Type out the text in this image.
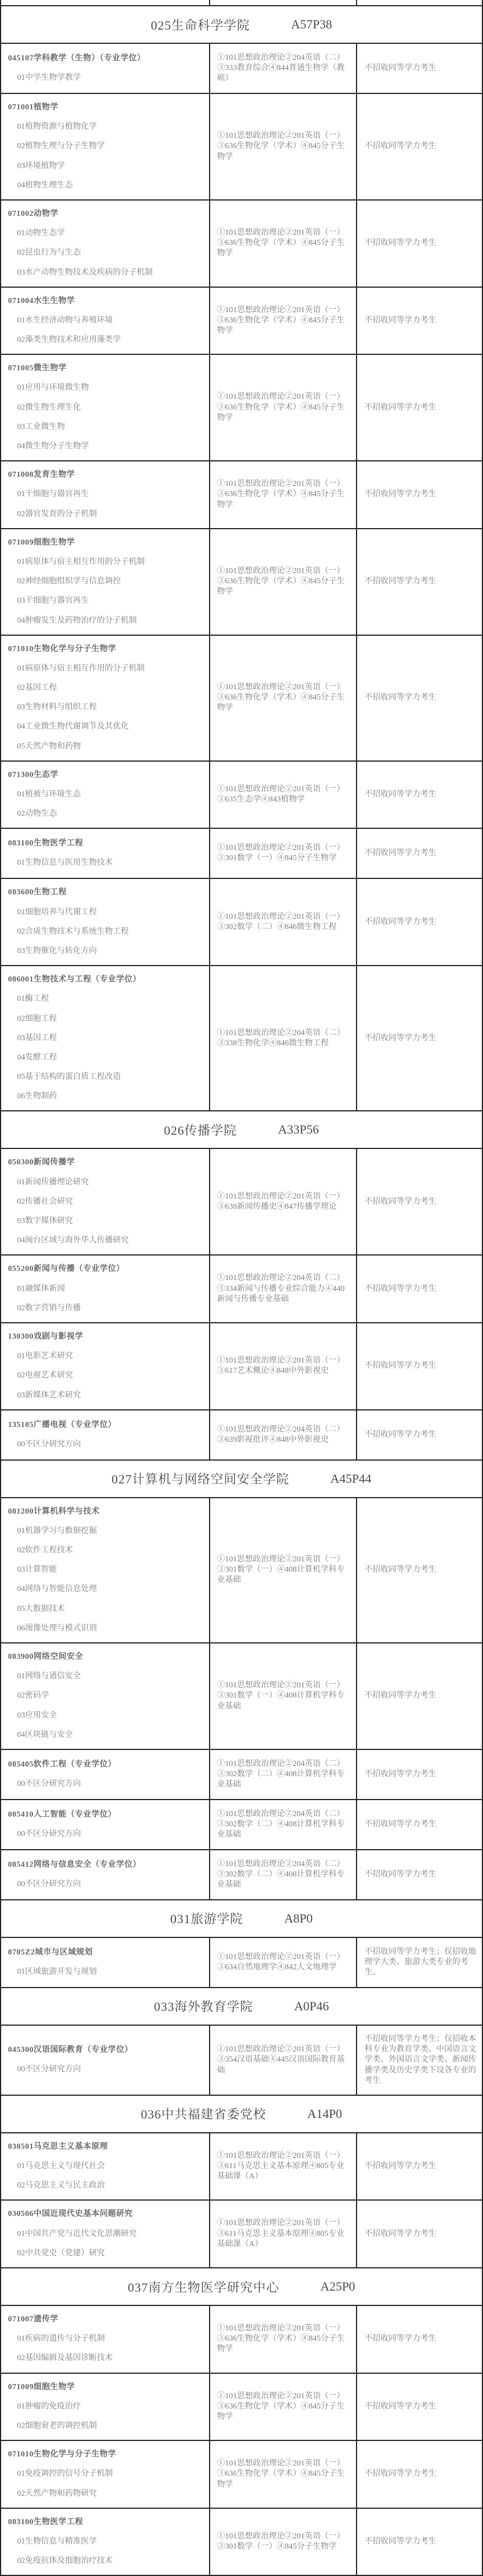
025生命科学学院	A57P38
045107学科教学（生物）（专业学位）
01中学生物学教学
①101思想政治理论②204英语（二）③333教育综合④844普通生物学（教硕）
不招收同等学力考生
071001植物学
01植物资源与植物化学
02植物生理与分子生物学
03环境植物学
04植物生理生态
①101思想政治理论②201英语（一）③636生物化学（学术）④845分子生物学
不招收同等学力考生
071002动物学
01动物生态学
02昆虫行为与生态
03水产动物生物技术及疾病的分子机制
①101思想政治理论②201英语（一）③636生物化学（学术）④845分子生物学
不招收同等学力考生
071004水生生物学
01水生经济动物与养殖环境
02藻类生物技术和应用藻类学
①101思想政治理论②201英语（一）③636生物化学（学术）④845分子生物学
不招收同等学力考生
071005微生物学
01应用与环境微生物
02微生物生理生化
03工业微生物
04微生物分子生物学
①101思想政治理论②201英语（一）③636生物化学（学术）④845分子生物学
不招收同等学力考生
071008发育生物学
01干细胞与器官再生
02器官发育的分子机制
①101思想政治理论②201英语（一）③636生物化学（学术）④845分子生物学
不招收同等学力考生
071009细胞生物学
01病原体与宿主相互作用的分子机制
02神经细胞组织学与信息调控
03干细胞与器官再生
04肿瘤发生及药物治疗的分子机制
①101思想政治理论②201英语（一）③636生物化学（学术）④845分子生物学
不招收同等学力考生
071010生物化学与分子生物学
01病原体与宿主相互作用的分子机制
02基因工程
03生物材料与组织工程
04工业微生物代谢调节及其优化
05天然产物和药物
①101思想政治理论②201英语（一）③636生物化学（学术）④845分子生物学
不招收同等学力考生
071300生态学
01植被与环境生态
02动物生态
①101思想政治理论②201英语（一）③635生态学④843植物学
不招收同等学力考生
083100生物医学工程
01生物信息与医用生物技术
①101思想政治理论②201英语（一）③301数学（一）④845分子生物学
不招收同等学力考生
083600生物工程
01细胞培养与代谢工程
02合成生物技术与系统生物工程
03生物催化与转化方向
①101思想政治理论②201英语（一）③302数学（二）④846微生物工程
不招收同等学力考生
086001生物技术与工程（专业学位）
01酶工程
02细胞工程
03基因工程
04发酵工程
05基于结构的蛋白质工程改造
06生物制药
①101思想政治理论②204英语（二）③338生物化学④846微生物工程
不招收同等学力考生
026传播学院	A33P56
050300新闻传播学
01新闻传播理论研究
02传播社会研究
03数字媒体研究
04闽台区域与海外华人传播研究
①101思想政治理论②201英语（一）③638新闻传播史④847传播学理论
不招收同等学力考生
055200新闻与传播（专业学位）
01融媒体新闻
02数字营销与传播
①101思想政治理论②204英语（二）③334新闻与传播专业综合能力④440新闻与传播专业基础
不招收同等学力考生
130300戏剧与影视学
01电影艺术研究
02电视艺术研究
03新媒体艺术研究
①101思想政治理论②201英语（一）③617艺术概论④848中外影视史
不招收同等学力考生
135105广播电视（专业学位）
00不区分研究方向
①101思想政治理论②204英语（二）③639影视批评④848中外影视史
不招收同等学力考生
027计算机与网络空间安全学院	A45P44
081200计算机科学与技术
01机器学习与数据挖掘
02软件工程技术
03计算智能
04网络与智能信息处理
05大数据技术
06图像处理与模式识别
①101思想政治理论②201英语（一）③301数学（一）④408计算机学科专业基础
不招收同等学力考生
083900网络空间安全
01网络与通信安全
02密码学
03应用安全
04区块链与安全
①101思想政治理论②201英语（一）③301数学（一）④408计算机学科专业基础
不招收同等学力考生
085405软件工程（专业学位）
00不区分研究方向
①101思想政治理论②204英语（二）③302数学（二）④408计算机学科专业基础
不招收同等学力考生
085410人工智能（专业学位）
00不区分研究方向
①101思想政治理论②204英语（二）③302数学（二）④408计算机学科专业基础
不招收同等学力考生
085412网络与信息安全（专业学位）
00不区分研究方向
①101思想政治理论②204英语（二）③302数学（二）④408计算机学科专业基础
不招收同等学力考生
031旅游学院	A8P0
0705Z2城市与区域规划
01区域旅游开发与规划
①101思想政治理论②201英语（一）③634自然地理学④842人文地理学
不招收同等学力考生；仅招收地理学大类、旅游大类专业的考生。
033海外教育学院	A0P46
045300汉语国际教育（专业学位）
00不区分研究方向
①101思想政治理论②201英语（一）③354汉语基础④445汉语国际教育基础
不招收同等学力考生；仅招收本科专业为教育学类、中国语言文学类、外国语言文学类、新闻传播学类及历史学类下设各专业的考生
036中共福建省委党校	A14P0
030501马克思主义基本原理
01马克思主义与现代社会
02马克思主义与民主政治
①101思想政治理论②201英语（一）③611马克思主义基本原理④805专业基础课（A）
不招收同等学力考生
030506中国近现代史基本问题研究
01中国共产党与近代文化思潮研究
02中共党史（党建）研究
①101思想政治理论②201英语（一）③611马克思主义基本原理④805专业基础课（A）
不招收同等学力考生
037南方生物医学研究中心	A25P0
071007遗传学
01疾病的遗传与分子机制
02基因编辑及基因诊断技术
①101思想政治理论②201英语（一）③636生物化学（学术）④845分子生物学
不招收同等学力考生
071009细胞生物学
01肿瘤的免疫治疗
02细胞衰老的调控机制
①101思想政治理论②201英语（一）③636生物化学（学术）④845分子生物学
不招收同等学力考生
071010生物化学与分子生物学
01免疫调控的信号分子机制
02天然产物和药物研究
①101思想政治理论②201英语（一）③636生物化学（学术）④845分子生物学
不招收同等学力考生
083100生物医学工程
01生物信息与精准医学
02免疫抗体及细胞治疗技术
①101思想政治理论②201英语（一）③301数学（一）④845分子生物学
不招收同等学力考生
